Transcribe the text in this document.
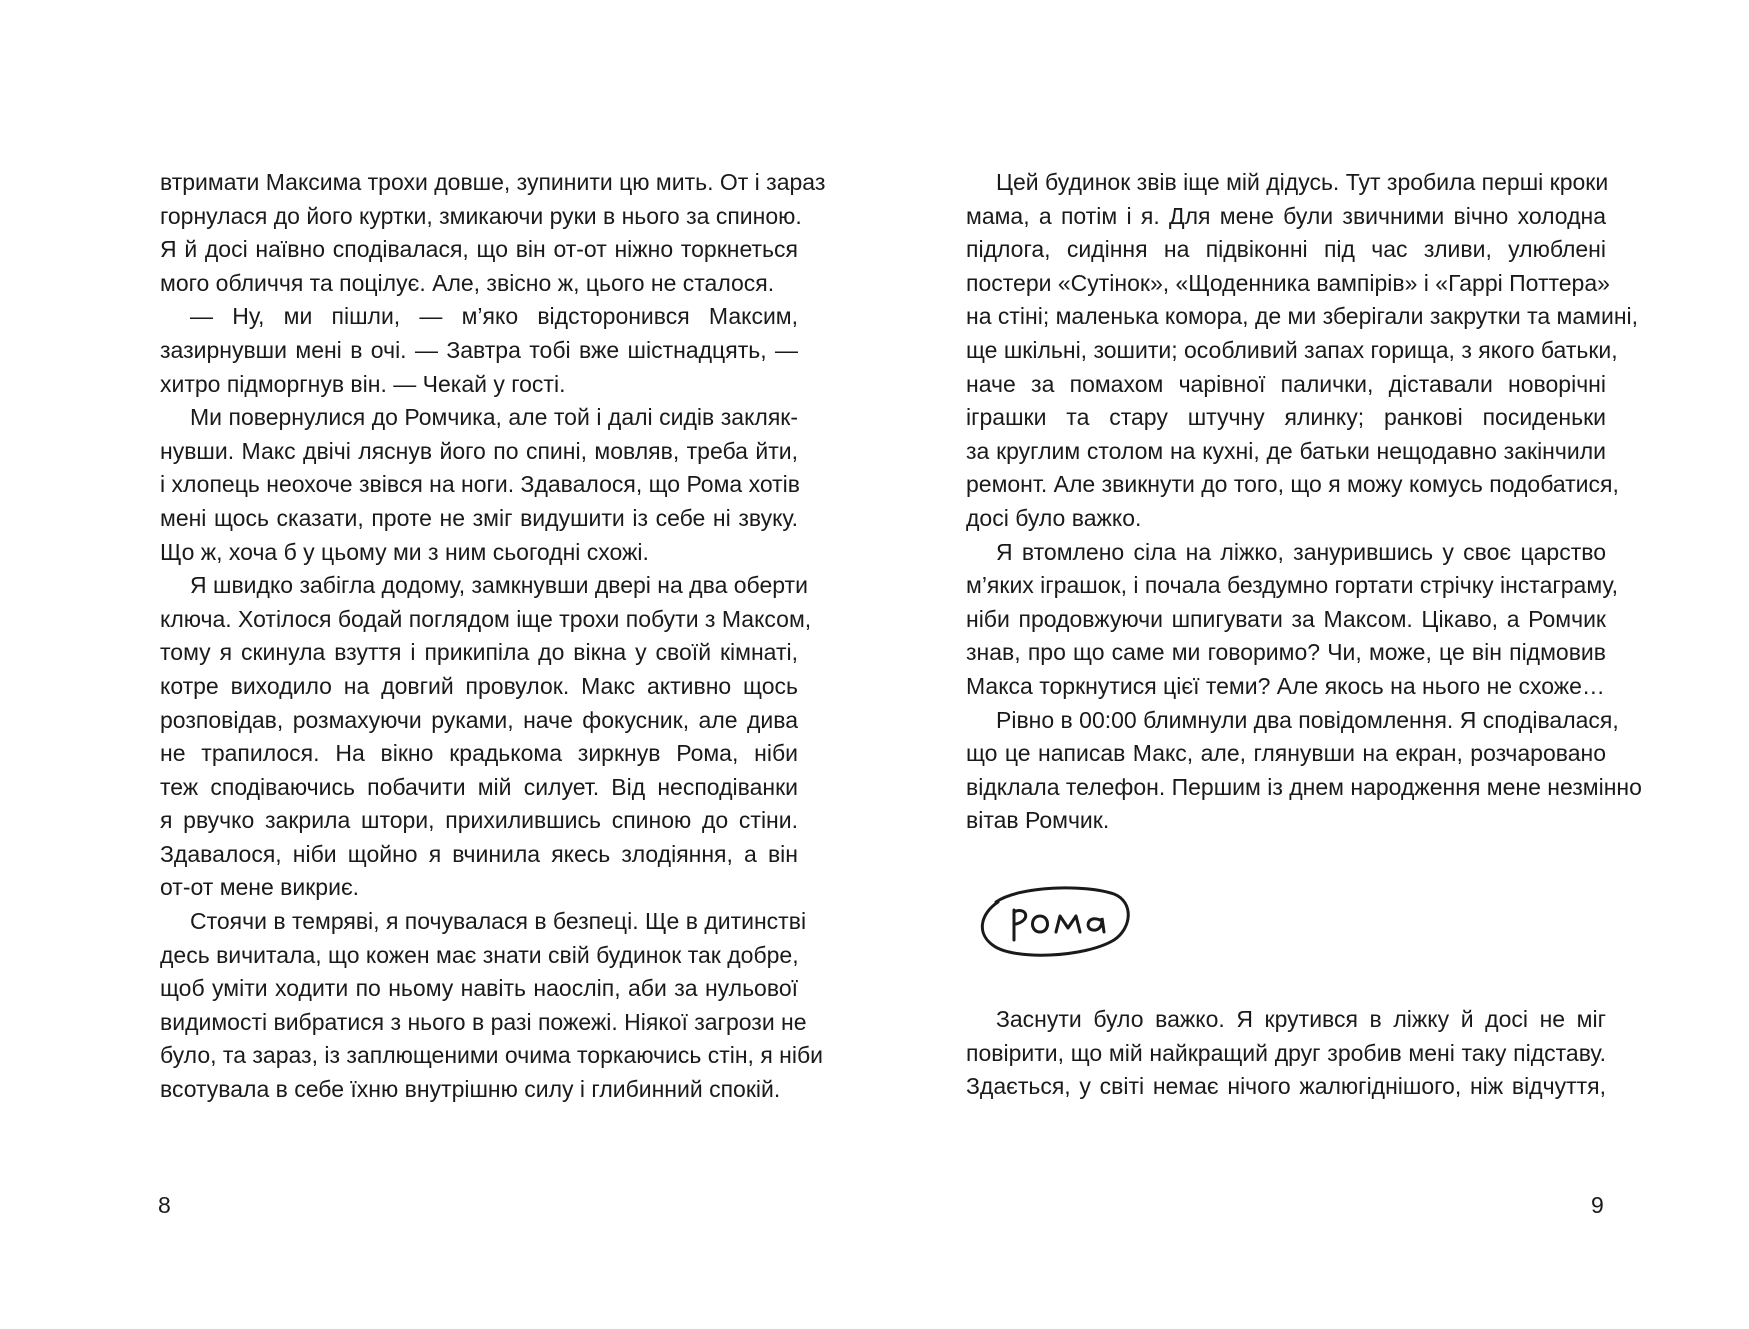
втримати Максима трохи довше, зупинити цю мить. От і зараз
горнулася до його куртки, змикаючи руки в нього за спиною.
Я й досі наївно сподівалася, що він от-от ніжно торкнеться
мого обличчя та поцілує. Але, звісно ж, цього не сталося.
— Ну, ми пішли, — м’яко відсторонився Максим,
зазирнувши мені в очі. — Завтра тобі вже шістнадцять, —
хитро підморгнув він. — Чекай у гості.
Ми повернулися до Ромчика, але той і далі сидів закляк-
нувши. Макс двічі ляснув його по спині, мовляв, треба йти,
і хлопець неохоче звівся на ноги. Здавалося, що Рома хотів
мені щось сказати, проте не зміг видушити із себе ні звуку.
Що ж, хоча б у цьому ми з ним сьогодні схожі.
Я швидко забігла додому, замкнувши двері на два оберти
ключа. Хотілося бодай поглядом іще трохи побути з Максом,
тому я скинула взуття і прикипіла до вікна у своїй кімнаті,
котре виходило на довгий провулок. Макс активно щось
розповідав, розмахуючи руками, наче фокусник, але дива
не трапилося. На вікно крадькома зиркнув Рома, ніби
теж сподіваючись побачити мій силует. Від несподіванки
я рвучко закрила штори, прихилившись спиною до стіни.
Здавалося, ніби щойно я вчинила якесь злодіяння, а він
от-от мене викриє.
Стоячи в темряві, я почувалася в безпеці. Ще в дитинстві
десь вичитала, що кожен має знати свій будинок так добре,
щоб уміти ходити по ньому навіть наосліп, аби за нульової
видимості вибратися з нього в разі пожежі. Ніякої загрози не
було, та зараз, із заплющеними очима торкаючись стін, я ніби
всотувала в себе їхню внутрішню силу і глибинний спокій.
8
Цей будинок звів іще мій дідусь. Тут зробила перші кроки
мама, а потім і я. Для мене були звичними вічно холодна
підлога, сидіння на підвіконні під час зливи, улюблені
постери «Сутінок», «Щоденника вампірів» і «Гаррі Поттера»
на стіні; маленька комора, де ми зберігали закрутки та мамині,
ще шкільні, зошити; особливий запах горища, з якого батьки,
наче за помахом чарівної палички, діставали новорічні
іграшки та стару штучну ялинку; ранкові посиденьки
за круглим столом на кухні, де батьки нещодавно закінчили
ремонт. Але звикнути до того, що я можу комусь подобатися,
досі було важко.
Я втомлено сіла на ліжко, занурившись у своє царство
м’яких іграшок, і почала бездумно гортати стрічку інстаграму,
ніби продовжуючи шпигувати за Максом. Цікаво, а Ромчик
знав, про що саме ми говоримо? Чи, може, це він підмовив
Макса торкнутися цієї теми? Але якось на нього не схоже…
Рівно в 00:00 блимнули два повідомлення. Я сподівалася,
що це написав Макс, але, глянувши на екран, розчаровано
відклала телефон. Першим із днем народження мене незмінно
вітав Ромчик.
Заснути було важко. Я крутився в ліжку й досі не міг
повірити, що мій найкращий друг зробив мені таку підставу.
Здається, у світі немає нічого жалюгіднішого, ніж відчуття,
9
